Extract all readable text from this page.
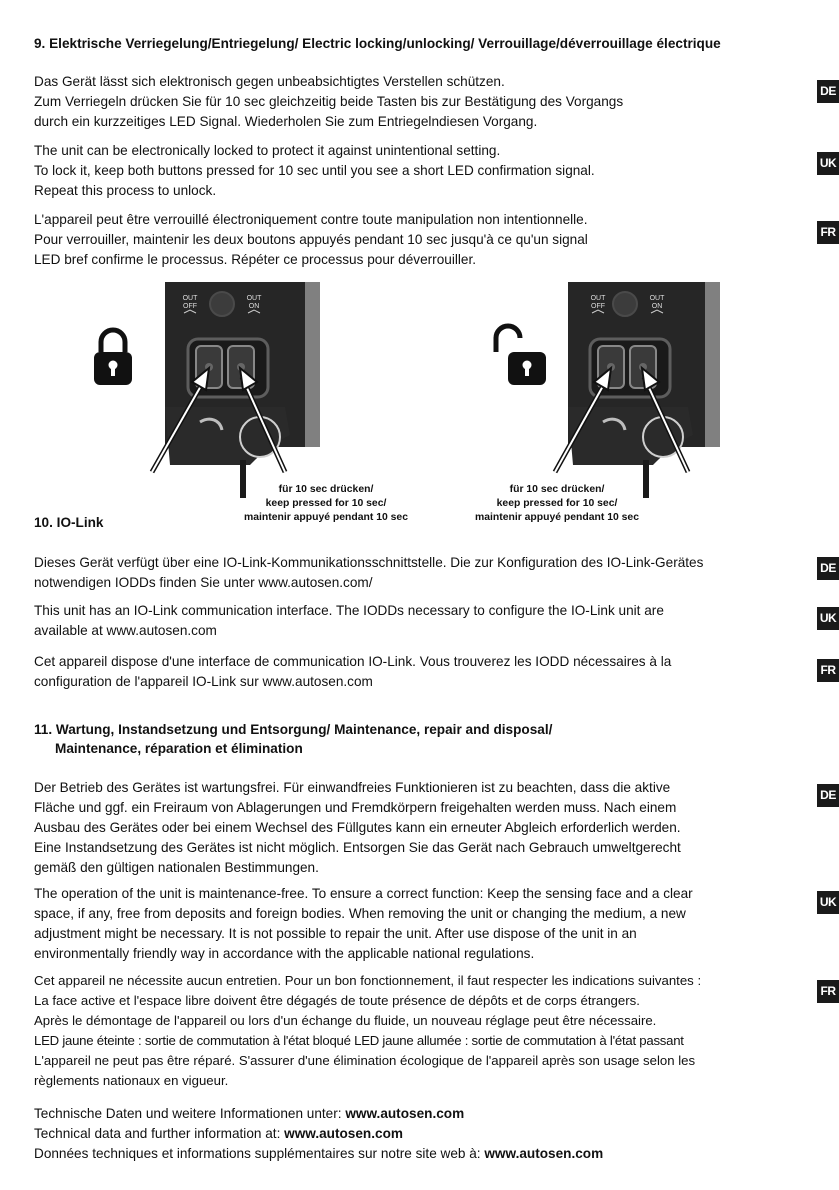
9. Elektrische Verriegelung/Entriegelung/ Electric locking/unlocking/ Verrouillage/déverrouillage électrique
Das Gerät lässt sich elektronisch gegen unbeabsichtigtes Verstellen schützen.
Zum Verriegeln drücken Sie für 10 sec gleichzeitig beide Tasten bis zur Bestätigung des Vorgangs
durch ein kurzzeitiges LED Signal. Wiederholen Sie zum Entriegelndiesen Vorgang.
DE
The unit can be electronically locked to protect it against unintentional setting.
To lock it, keep both buttons pressed for 10 sec until you see a short LED confirmation signal.
Repeat this process to unlock.
UK
L'appareil peut être verrouillé électroniquement contre toute manipulation non intentionnelle.
Pour verrouiller, maintenir les deux boutons appuyés pendant 10 sec jusqu'à ce qu'un signal
LED bref confirme le processus. Répéter ce processus pour déverrouiller.
FR
OUT
OFF
OUT
ON
für 10 sec drücken/
keep pressed for 10 sec/
maintenir appuyé pendant 10 sec
OUT
OFF
OUT
ON
für 10 sec drücken/
keep pressed for 10 sec/
maintenir appuyé pendant 10 sec
10. IO-Link
Dieses Gerät verfügt über eine IO-Link-Kommunikationsschnittstelle. Die zur Konfiguration des IO-Link-Gerätes
notwendigen IODDs finden Sie unter www.autosen.com/
DE
This unit has an IO-Link communication interface. The IODDs necessary to configure the IO-Link unit are
available at www.autosen.com
UK
Cet appareil dispose d'une interface de communication IO-Link. Vous trouverez les IODD nécessaires à la
configuration de l'appareil IO-Link sur www.autosen.com
FR
11. Wartung, Instandsetzung und Entsorgung/ Maintenance, repair and disposal/
Maintenance, réparation et élimination
Der Betrieb des Gerätes ist wartungsfrei. Für einwandfreies Funktionieren ist zu beachten, dass die aktive
Fläche und ggf. ein Freiraum von Ablagerungen und Fremdkörpern freigehalten werden muss. Nach einem
Ausbau des Gerätes oder bei einem Wechsel des Füllgutes kann ein erneuter Abgleich erforderlich werden.
Eine Instandsetzung des Gerätes ist nicht möglich. Entsorgen Sie das Gerät nach Gebrauch umweltgerecht
gemäß den gültigen nationalen Bestimmungen.
DE
The operation of the unit is maintenance-free. To ensure a correct function: Keep the sensing face and a clear
space, if any, free from deposits and foreign bodies. When removing the unit or changing the medium, a new
adjustment might be necessary. It is not possible to repair the unit. After use dispose of the unit in an
environmentally friendly way in accordance with the applicable national regulations.
UK
Cet appareil ne nécessite aucun entretien. Pour un bon fonctionnement, il faut respecter les indications suivantes :
La face active et l'espace libre doivent être dégagés de toute présence de dépôts et de corps étrangers.
Après le démontage de l'appareil ou lors d'un échange du fluide, un nouveau réglage peut être nécessaire.
LED jaune éteinte : sortie de commutation à l'état bloqué LED jaune allumée : sortie de commutation à l'état passant
L'appareil ne peut pas être réparé. S'assurer d'une élimination écologique de l'appareil après son usage selon les
règlements nationaux en vigueur.
FR
Technische Daten und weitere Informationen unter: www.autosen.com
Technical data and further information at: www.autosen.com
Données techniques et informations supplémentaires sur notre site web à: www.autosen.com
